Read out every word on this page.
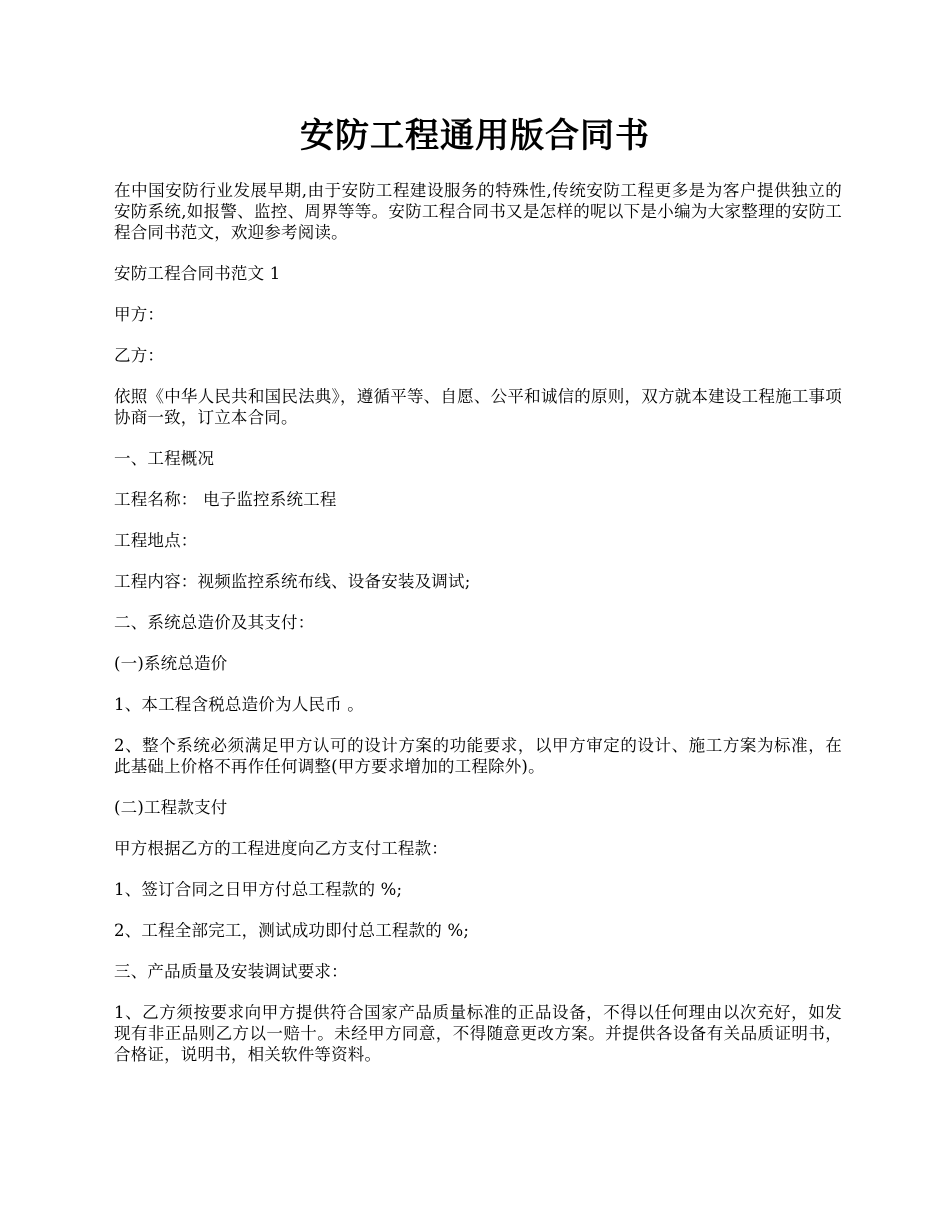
安防工程通用版合同书

在中国安防行业发展早期,由于安防工程建设服务的特殊性,传统安防工程更多是为客户提供独立的安防系统,如报警、监控、周界等等。安防工程合同书又是怎样的呢以下是小编为大家整理的安防工程合同书范文，欢迎参考阅读。

安防工程合同书范文 1

甲方：

乙方：

依照《中华人民共和国民法典》，遵循平等、自愿、公平和诚信的原则，双方就本建设工程施工事项协商一致，订立本合同。

一、工程概况

工程名称： 电子监控系统工程

工程地点：

工程内容：视频监控系统布线、设备安装及调试;

二、系统总造价及其支付：

(一)系统总造价

1、本工程含税总造价为人民币 。

2、整个系统必须满足甲方认可的设计方案的功能要求，以甲方审定的设计、施工方案为标准，在此基础上价格不再作任何调整(甲方要求增加的工程除外)。

(二)工程款支付

甲方根据乙方的工程进度向乙方支付工程款：

1、签订合同之日甲方付总工程款的 %;

2、工程全部完工，测试成功即付总工程款的 %;

三、产品质量及安装调试要求：

1、乙方须按要求向甲方提供符合国家产品质量标准的正品设备，不得以任何理由以次充好，如发现有非正品则乙方以一赔十。未经甲方同意，不得随意更改方案。并提供各设备有关品质证明书，合格证，说明书，相关软件等资料。
